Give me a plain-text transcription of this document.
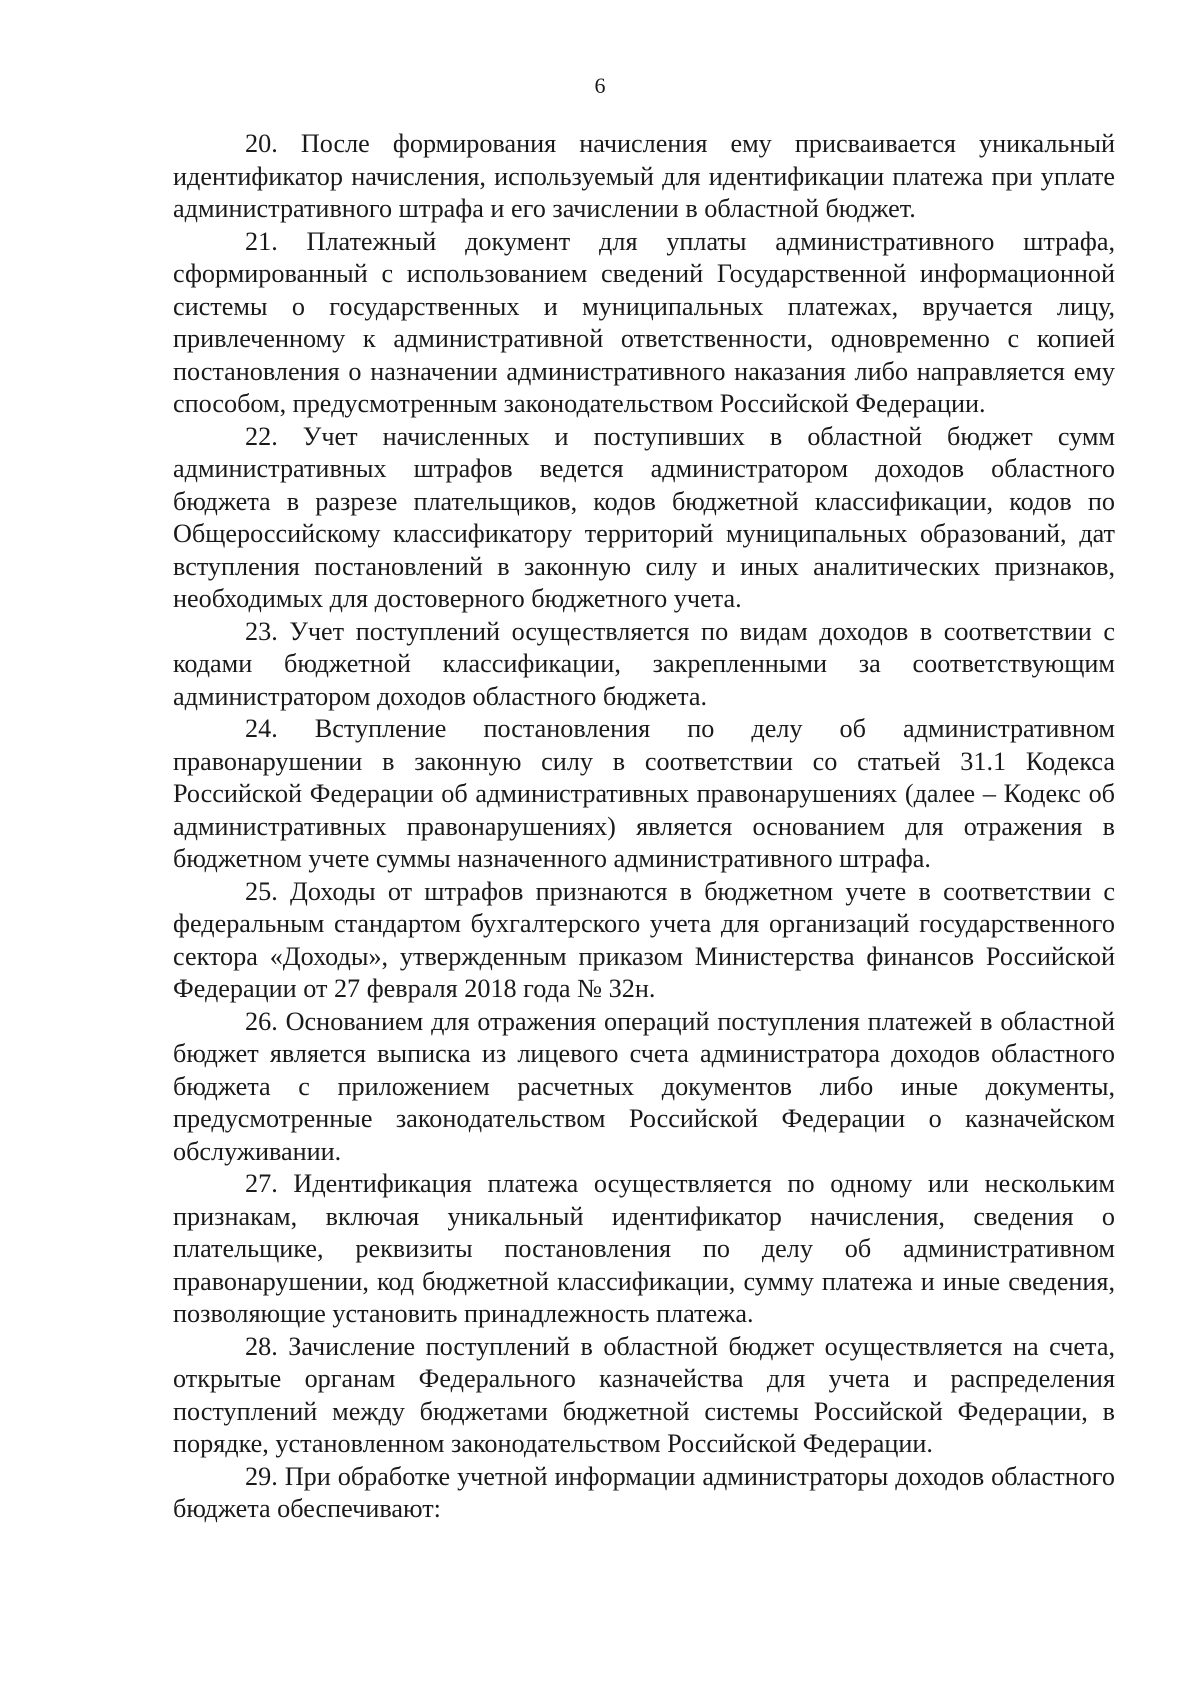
6

20. После формирования начисления ему присваивается уникальный идентификатор начисления, используемый для идентификации платежа при уплате административного штрафа и его зачислении в областной бюджет.

21. Платежный документ для уплаты административного штрафа, сформированный с использованием сведений Государственной информационной системы о государственных и муниципальных платежах, вручается лицу, привлеченному к административной ответственности, одновременно с копией постановления о назначении административного наказания либо направляется ему способом, предусмотренным законодательством Российской Федерации.

22. Учет начисленных и поступивших в областной бюджет сумм административных штрафов ведется администратором доходов областного бюджета в разрезе плательщиков, кодов бюджетной классификации, кодов по Общероссийскому классификатору территорий муниципальных образований, дат вступления постановлений в законную силу и иных аналитических признаков, необходимых для достоверного бюджетного учета.

23. Учет поступлений осуществляется по видам доходов в соответствии с кодами бюджетной классификации, закрепленными за соответствующим администратором доходов областного бюджета.

24. Вступление постановления по делу об административном правонарушении в законную силу в соответствии со статьей 31.1 Кодекса Российской Федерации об административных правонарушениях (далее – Кодекс об административных правонарушениях) является основанием для отражения в бюджетном учете суммы назначенного административного штрафа.

25. Доходы от штрафов признаются в бюджетном учете в соответствии с федеральным стандартом бухгалтерского учета для организаций государственного сектора «Доходы», утвержденным приказом Министерства финансов Российской Федерации от 27 февраля 2018 года № 32н.

26. Основанием для отражения операций поступления платежей в областной бюджет является выписка из лицевого счета администратора доходов областного бюджета с приложением расчетных документов либо иные документы, предусмотренные законодательством Российской Федерации о казначейском обслуживании.

27. Идентификация платежа осуществляется по одному или нескольким признакам, включая уникальный идентификатор начисления, сведения о плательщике, реквизиты постановления по делу об административном правонарушении, код бюджетной классификации, сумму платежа и иные сведения, позволяющие установить принадлежность платежа.

28. Зачисление поступлений в областной бюджет осуществляется на счета, открытые органам Федерального казначейства для учета и распределения поступлений между бюджетами бюджетной системы Российской Федерации, в порядке, установленном законодательством Российской Федерации.

29. При обработке учетной информации администраторы доходов областного бюджета обеспечивают:
